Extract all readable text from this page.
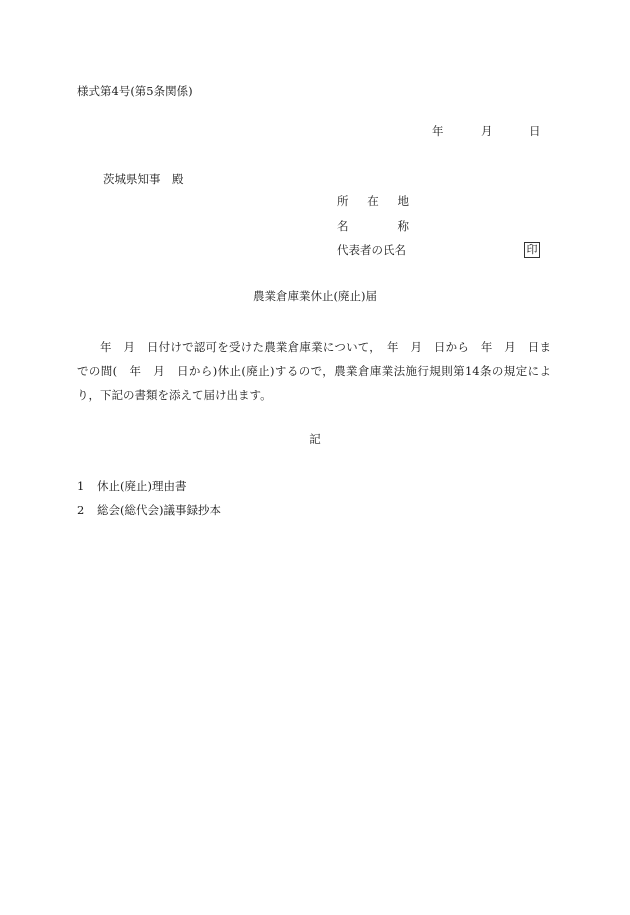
様式第4号(第5条関係)
年	月	日
茨城県知事　殿
所在地
名称
代表者の氏名	印
農業倉庫業休止(廃止)届
年　月　日付けで認可を受けた農業倉庫業について，　年　月　日から　年　月　日までの間(　年　月　日から)休止(廃止)するので，農業倉庫業法施行規則第14条の規定により，下記の書類を添えて届け出ます。
記
1 休止(廃止)理由書
2 総会(総代会)議事録抄本
